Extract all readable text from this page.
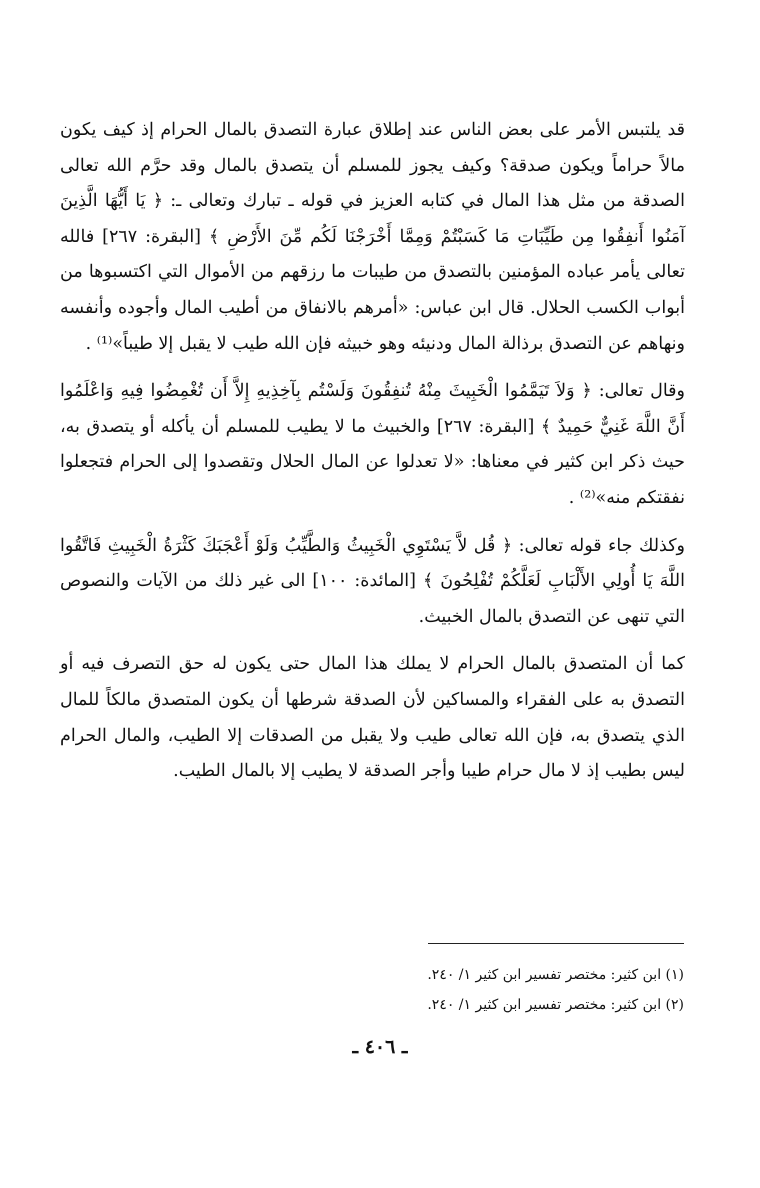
قد يلتبس الأمر على بعض الناس عند إطلاق عبارة التصدق بالمال الحرام إذ كيف يكون مالاً حراماً ويكون صدقة؟ وكيف يجوز للمسلم أن يتصدق بالمال وقد حرَّم الله تعالى الصدقة من مثل هذا المال في كتابه العزيز في قوله ـ تبارك وتعالى ـ: ﴿ يَا أَيُّهَا الَّذِينَ آمَنُوا أَنفِقُوا مِن طَيِّبَاتِ مَا كَسَبْتُمْ وَمِمَّا أَخْرَجْنَا لَكُم مِّنَ الأَرْضِ ﴾ [البقرة: ٢٦٧] فالله تعالى يأمر عباده المؤمنين بالتصدق من طيبات ما رزقهم من الأموال التي اكتسبوها من أبواب الكسب الحلال. قال ابن عباس: «أمرهم بالانفاق من أطيب المال وأجوده وأنفسه ونهاهم عن التصدق برذالة المال ودنيئه وهو خبيثه فإن الله طيب لا يقبل إلا طيباً»⁽¹⁾ .

وقال تعالى: ﴿ وَلاَ تَيَمَّمُوا الْخَبِيثَ مِنْهُ تُنفِقُونَ وَلَسْتُم بِآخِذِيهِ إِلاَّ أَن تُغْمِضُوا فِيهِ وَاعْلَمُوا أَنَّ اللَّهَ غَنِيٌّ حَمِيدٌ ﴾ [البقرة: ٢٦٧] والخبيث ما لا يطيب للمسلم أن يأكله أو يتصدق به، حيث ذكر ابن كثير في معناها: «لا تعدلوا عن المال الحلال وتقصدوا إلى الحرام فتجعلوا نفقتكم منه»⁽²⁾ .

وكذلك جاء قوله تعالى: ﴿ قُل لاَّ يَسْتَوِي الْخَبِيثُ وَالطَّيِّبُ وَلَوْ أَعْجَبَكَ كَثْرَةُ الْخَبِيثِ فَاتَّقُوا اللَّهَ يَا أُولِي الأَلْبَابِ لَعَلَّكُمْ تُفْلِحُونَ ﴾ [المائدة: ١٠٠] الى غير ذلك من الآيات والنصوص التي تنهى عن التصدق بالمال الخبيث.

كما أن المتصدق بالمال الحرام لا يملك هذا المال حتى يكون له حق التصرف فيه أو التصدق به على الفقراء والمساكين لأن الصدقة شرطها أن يكون المتصدق مالكاً للمال الذي يتصدق به، فإن الله تعالى طيب ولا يقبل من الصدقات إلا الطيب، والمال الحرام ليس بطيب إذ لا مال حرام طيبا وأجر الصدقة لا يطيب إلا بالمال الطيب.

(١) ابن كثير: مختصر تفسير ابن كثير ١/ ٢٤٠.

(٢) ابن كثير: مختصر تفسير ابن كثير ١/ ٢٤٠.

ـ ٤٠٦ ـ
